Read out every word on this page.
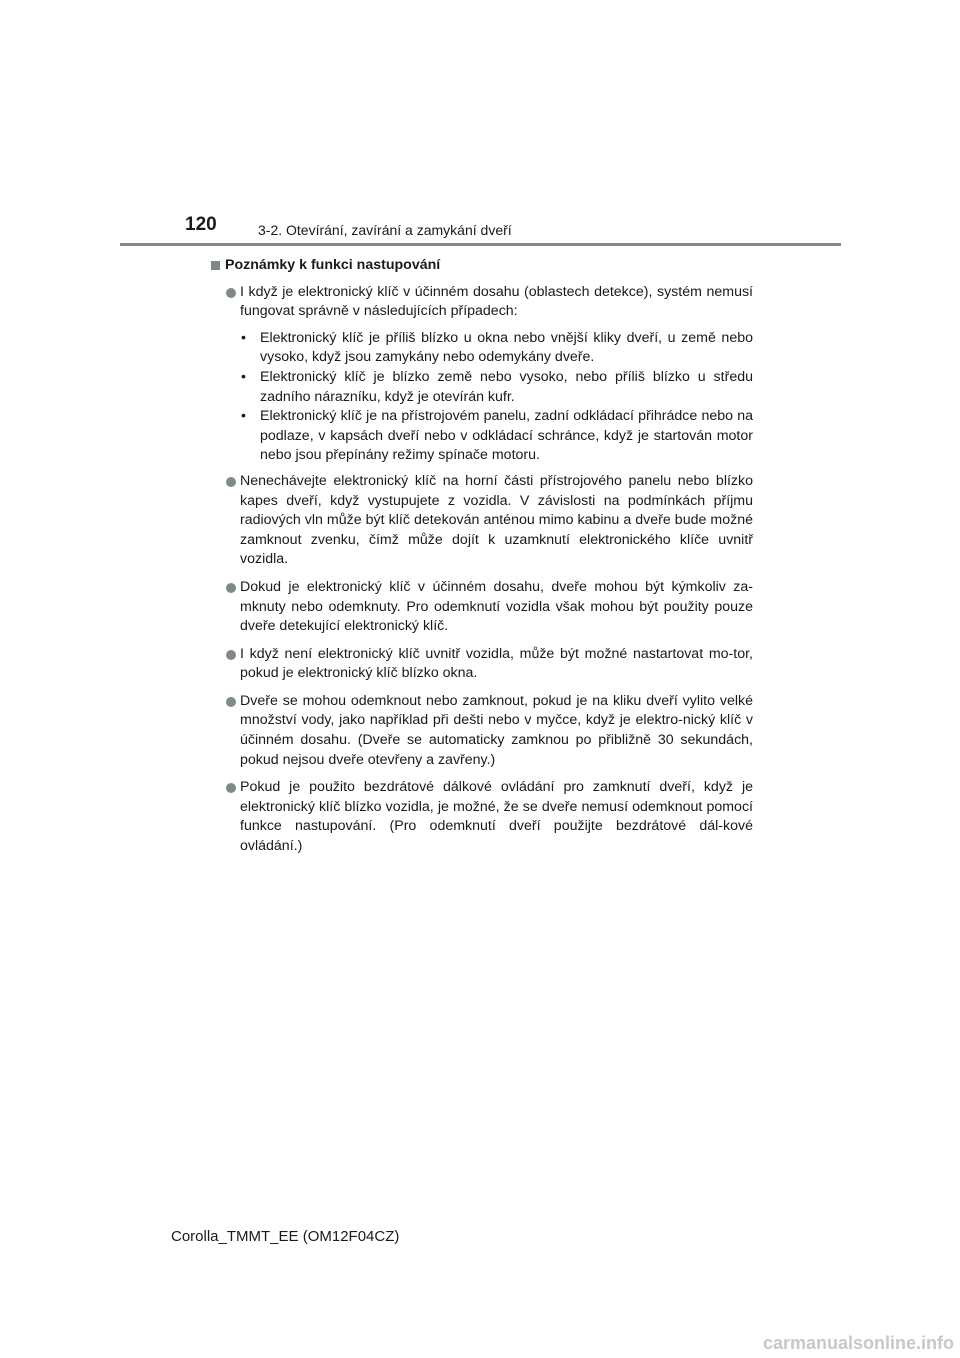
120	3-2. Otevírání, zavírání a zamykání dveří
Poznámky k funkci nastupování
I když je elektronický klíč v účinném dosahu (oblastech detekce), systém nemusí fungovat správně v následujících případech:
• Elektronický klíč je příliš blízko u okna nebo vnější kliky dveří, u země nebo vysoko, když jsou zamykány nebo odemykány dveře.
• Elektronický klíč je blízko země nebo vysoko, nebo příliš blízko u středu zadního nárazníku, když je otevírán kufr.
• Elektronický klíč je na přístrojovém panelu, zadní odkládací přihrádce nebo na podlaze, v kapsách dveří nebo v odkládací schránce, když je startován motor nebo jsou přepínány režimy spínače motoru.
Nenechávejte elektronický klíč na horní části přístrojového panelu nebo blízko kapes dveří, když vystupujete z vozidla. V závislosti na podmínkách příjmu radiových vln může být klíč detekován anténou mimo kabinu a dveře bude možné zamknout zvenku, čímž může dojít k uzamknutí elektronického klíče uvnitř vozidla.
Dokud je elektronický klíč v účinném dosahu, dveře mohou být kýmkoliv za-mknuty nebo odemknuty. Pro odemknutí vozidla však mohou být použity pouze dveře detekující elektronický klíč.
I když není elektronický klíč uvnitř vozidla, může být možné nastartovat mo-tor, pokud je elektronický klíč blízko okna.
Dveře se mohou odemknout nebo zamknout, pokud je na kliku dveří vylito velké množství vody, jako například při dešti nebo v myčce, když je elektro-nický klíč v účinném dosahu. (Dveře se automaticky zamknou po přibližně 30 sekundách, pokud nejsou dveře otevřeny a zavřeny.)
Pokud je použito bezdrátové dálkové ovládání pro zamknutí dveří, když je elektronický klíč blízko vozidla, je možné, že se dveře nemusí odemknout pomocí funkce nastupování. (Pro odemknutí dveří použijte bezdrátové dál-kové ovládání.)
Corolla_TMMT_EE (OM12F04CZ)
carmanualsonline.info
